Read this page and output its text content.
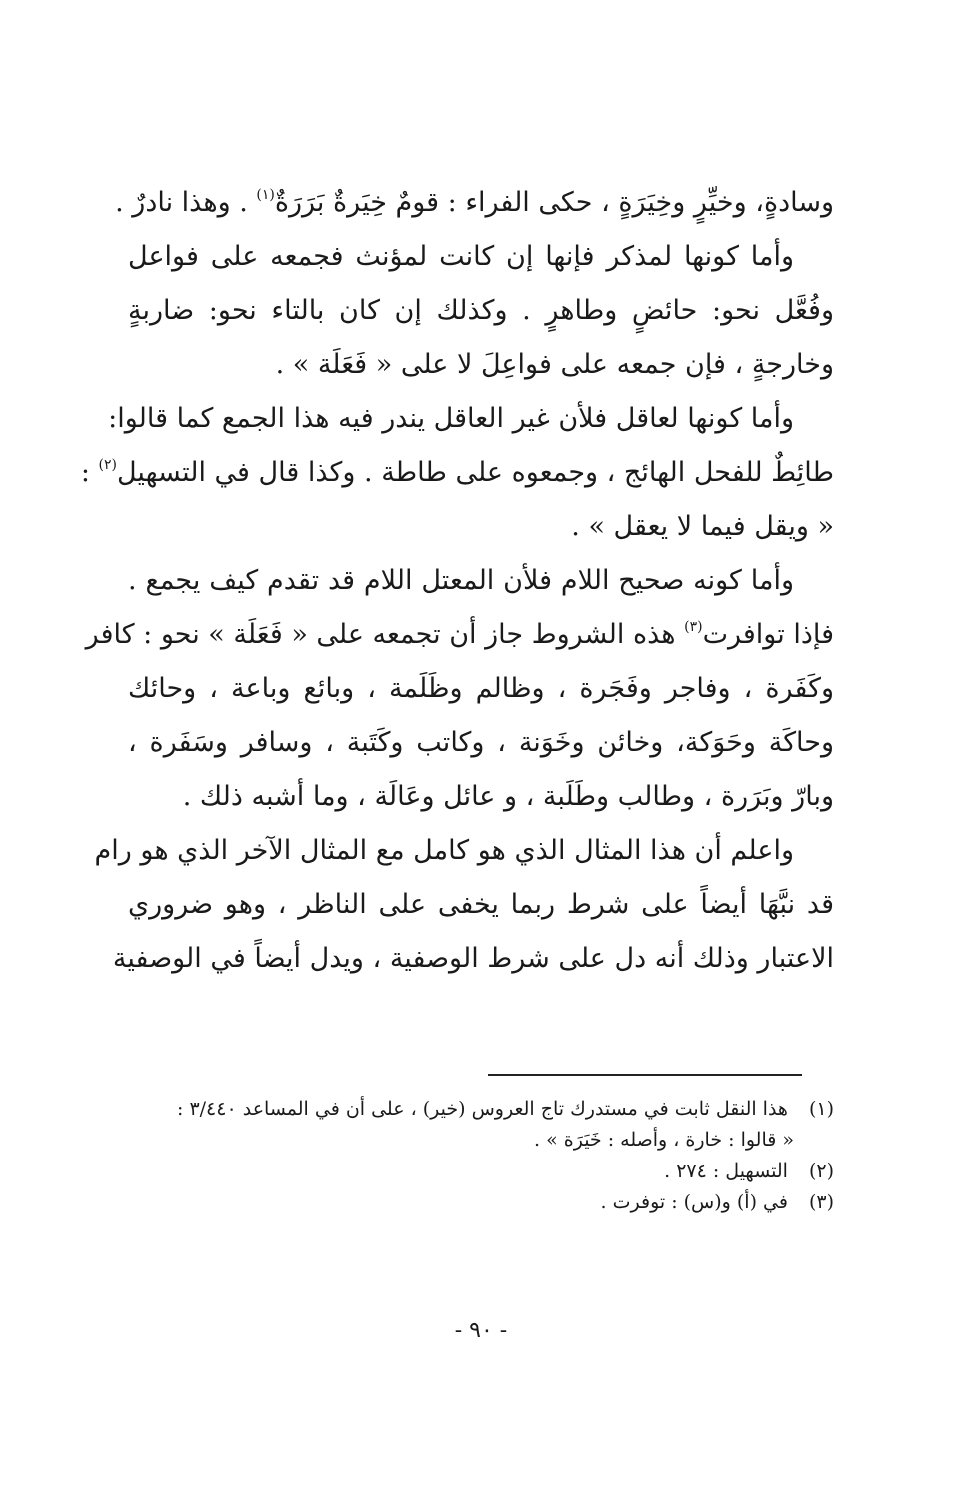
وسادةٍ، وخيِّرٍ وخِيَرَةٍ ، حكى الفراء : قومٌ خِيَرةٌ بَرَرَةٌ$^{(١)}$ . وهذا نادرٌ .
وأما كونها لمذكر فإنها إن كانت لمؤنث فجمعه على فواعل
وفُعَّل نحو: حائضٍ وطاهرٍ . وكذلك إن كان بالتاء نحو: ضاربةٍ
وخارجةٍ ، فإن جمعه على فواعِلَ لا على « فَعَلَة » .
وأما كونها لعاقل فلأن غير العاقل يندر فيه هذا الجمع كما قالوا:
طائِطٌ للفحل الهائج ، وجمعوه على طاطة . وكذا قال في التسهيل$^{(٢)}$ :
« ويقل فيما لا يعقل » .
وأما كونه صحيح اللام فلأن المعتل اللام قد تقدم كيف يجمع .
فإذا توافرت$^{(٣)}$ هذه الشروط جاز أن تجمعه على « فَعَلَة » نحو : كافر
وكَفَرة ، وفاجر وفَجَرة ، وظالم وظَلَمة ، وبائع وباعة ، وحائك
وحاكَة وحَوَكة، وخائن وخَوَنة ، وكاتب وكَتَبة ، وسافر وسَفَرة ،
وبارّ وبَرَرة ، وطالب وطَلَبة ، و عائل وعَالَة ، وما أشبه ذلك .
واعلم أن هذا المثال الذي هو كامل مع المثال الآخر الذي هو رام
قد نبَّهَا أيضاً على شرط ربما يخفى على الناظر ، وهو ضروري
الاعتبار وذلك أنه دل على شرط الوصفية ، ويدل أيضاً في الوصفية
(١) هذا النقل ثابت في مستدرك تاج العروس (خير) ، على أن في المساعد ٣/٤٤٠ :
« قالوا : خارة ، وأصله : خَيَرَة » .
(٢) التسهيل : ٢٧٤ .
(٣) في (أ) و(س) : توفرت .
- ٩٠ -
